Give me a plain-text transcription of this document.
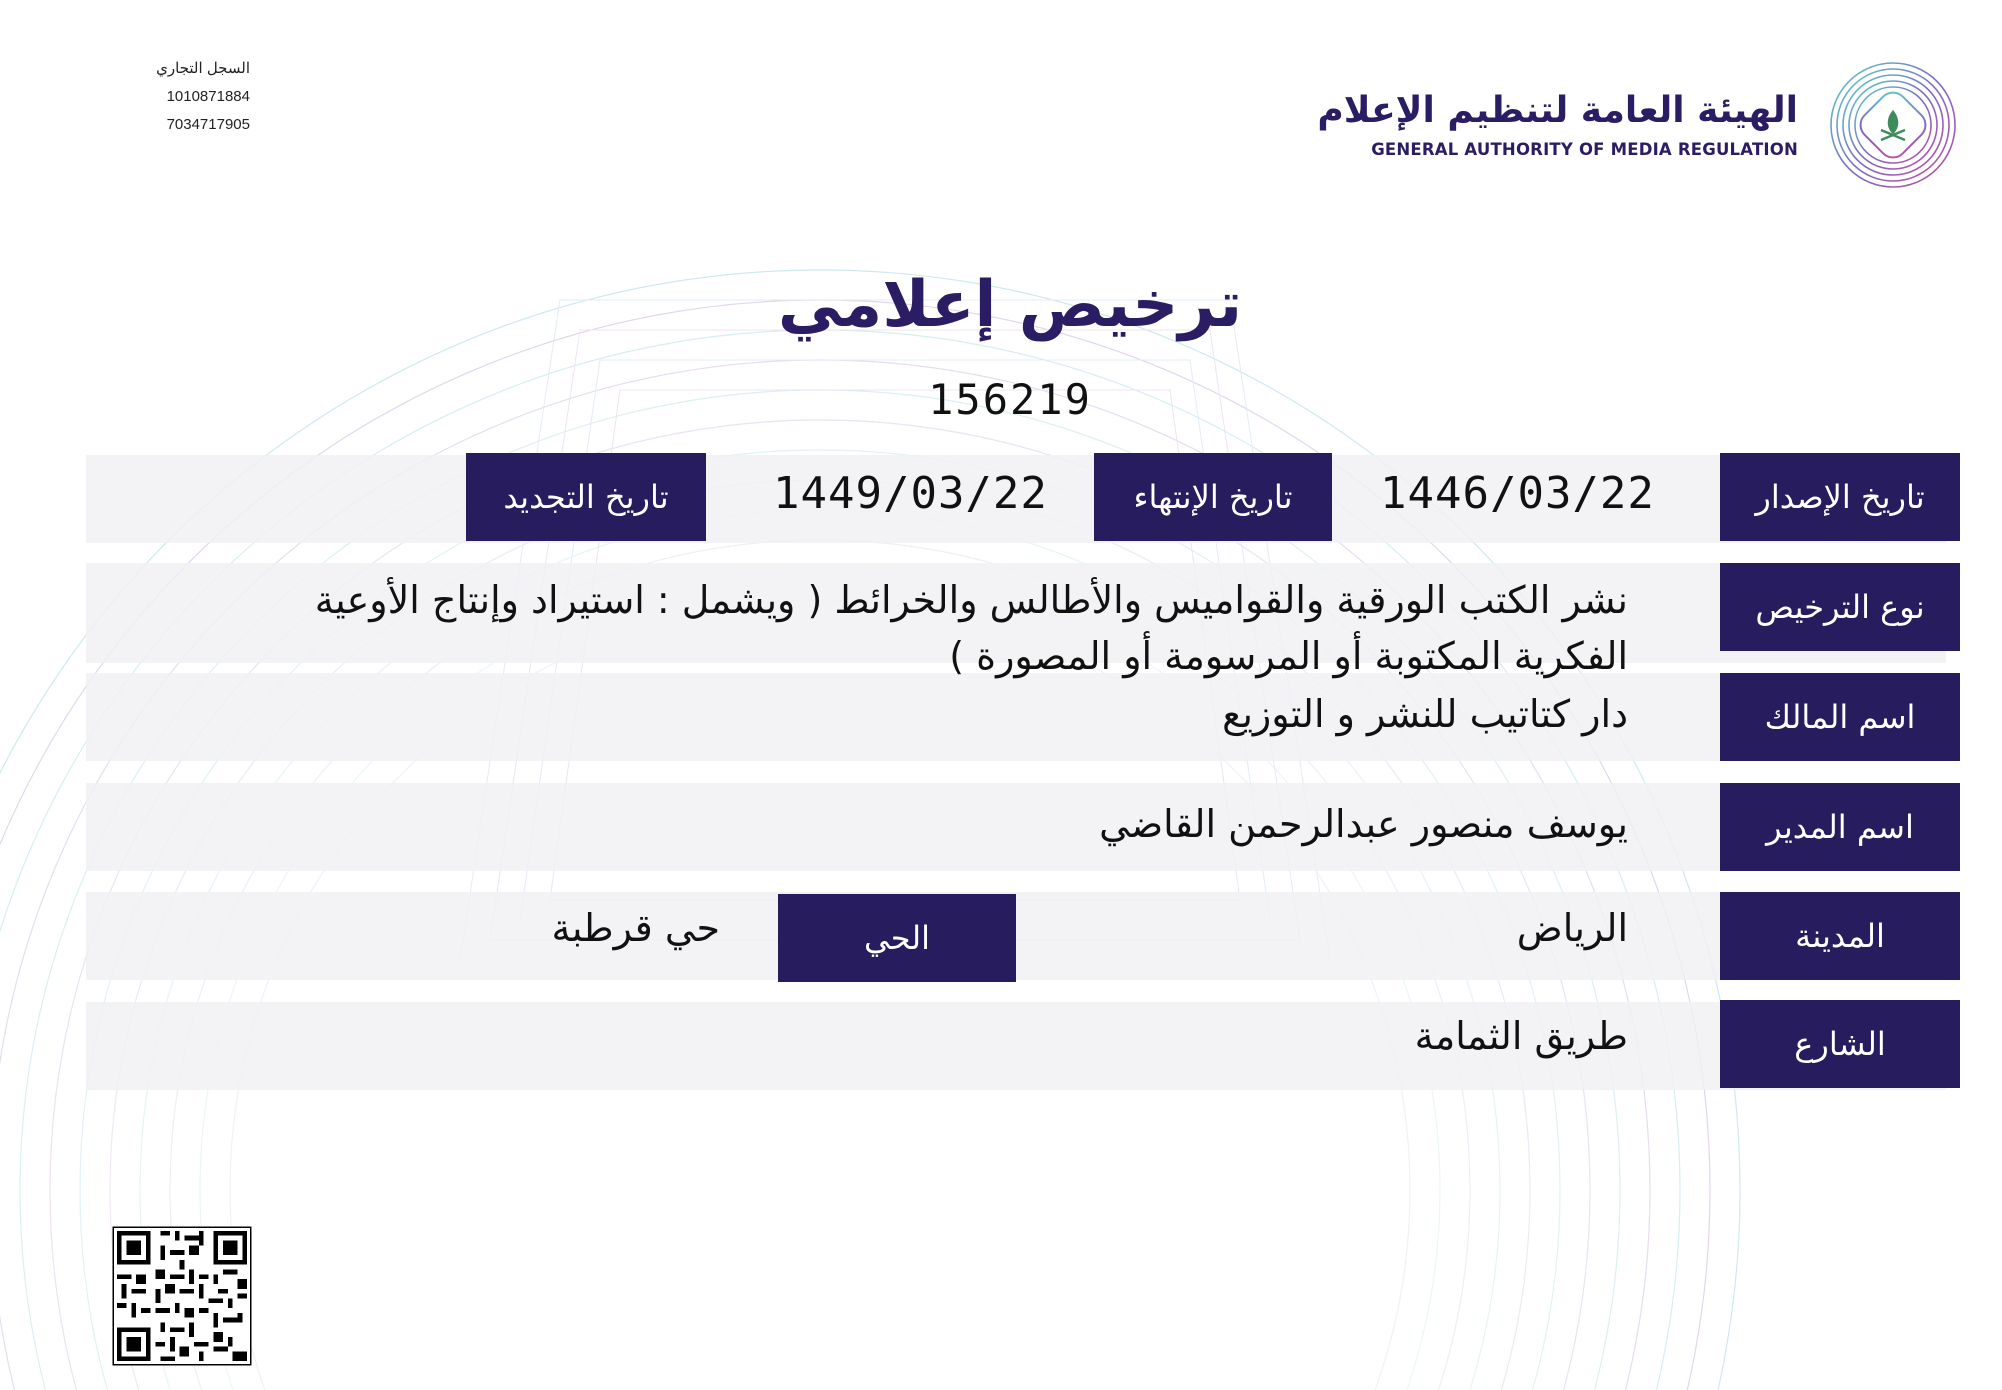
السجل التجاري
1010871884
7034717905	الهيئة العامة لتنظيم الإعلام
GENERAL AUTHORITY OF MEDIA REGULATION
ترخيص إعلامي
156219
تاريخ الإصدار
1446/03/22
تاريخ الإنتهاء
1449/03/22
تاريخ التجديد
نوع الترخيص
نشر الكتب الورقية والقواميس والأطالس والخرائط ( ويشمل : استيراد وإنتاج الأوعية الفكرية المكتوبة أو المرسومة أو المصورة )
اسم المالك
دار كتاتيب للنشر و التوزيع
اسم المدير
يوسف منصور عبدالرحمن القاضي
المدينة
الرياض
الحي
حي قرطبة
الشارع
طريق الثمامة
